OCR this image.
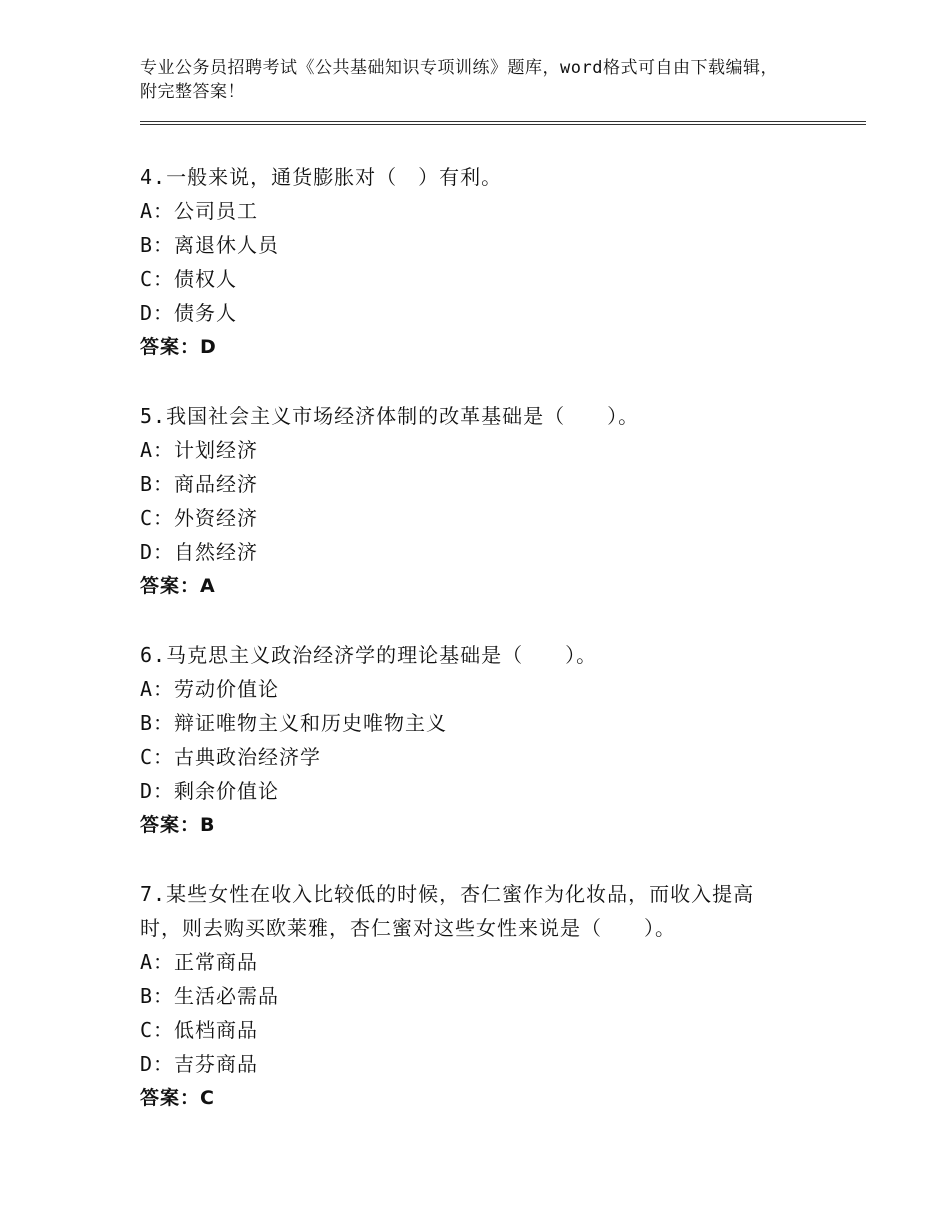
专业公务员招聘考试《公共基础知识专项训练》题库，word格式可自由下载编辑，附完整答案！
4.一般来说，通货膨胀对（　）有利。
A：公司员工
B：离退休人员
C：债权人
D：债务人
答案：D
5.我国社会主义市场经济体制的改革基础是（　　）。
A：计划经济
B：商品经济
C：外资经济
D：自然经济
答案：A
6.马克思主义政治经济学的理论基础是（　　）。
A：劳动价值论
B：辩证唯物主义和历史唯物主义
C：古典政治经济学
D：剩余价值论
答案：B
7.某些女性在收入比较低的时候，杏仁蜜作为化妆品，而收入提高时，则去购买欧莱雅，杏仁蜜对这些女性来说是（　　）。
A：正常商品
B：生活必需品
C：低档商品
D：吉芬商品
答案：C
